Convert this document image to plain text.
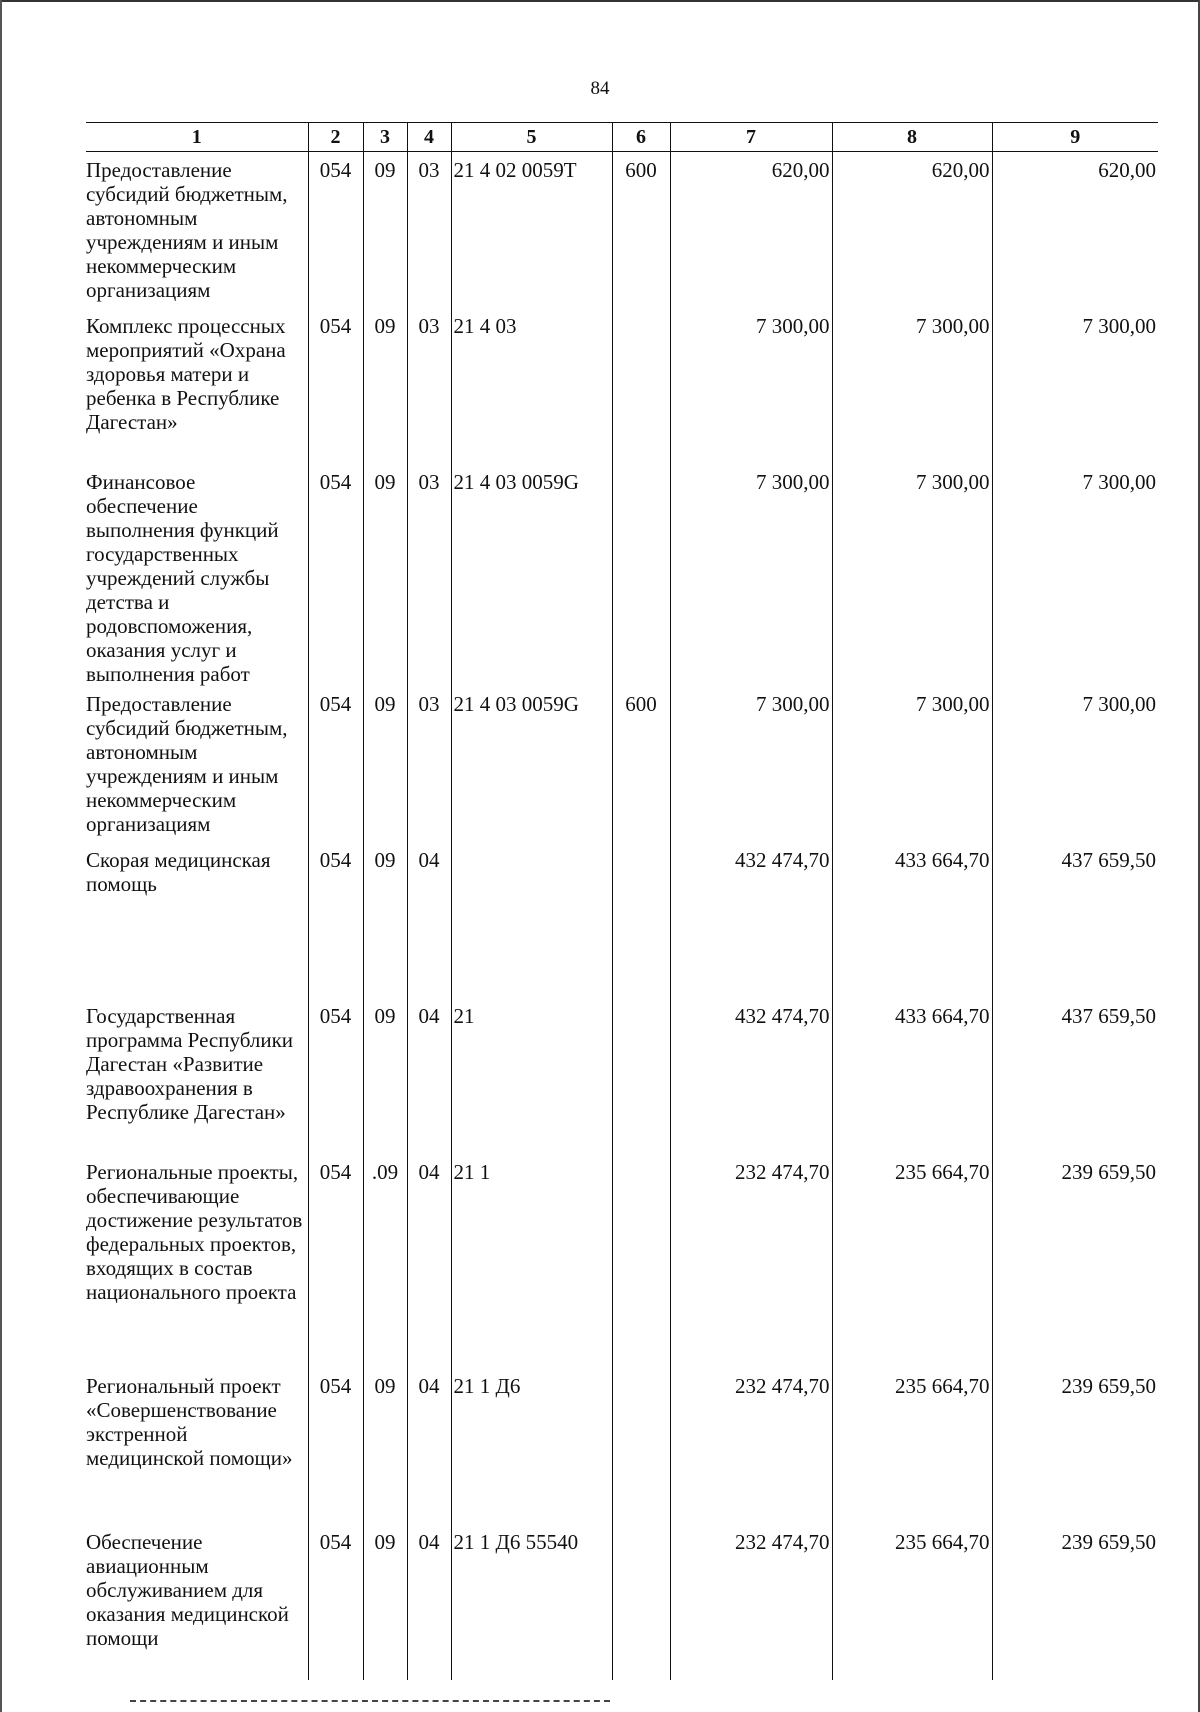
84
1	2	3	4	5	6	7	8	9
Предоставление субсидий бюджетным, автономным учреждениям и иным некоммерческим организациям	054	09	03	21 4 02 0059Т	600	620,00	620,00	620,00
Комплекс процессных мероприятий «Охрана здоровья матери и ребенка в Республике Дагестан»	054	09	03	21 4 03		7 300,00	7 300,00	7 300,00
Финансовое обеспечение выполнения функций государственных учреждений службы детства и родовспоможения, оказания услуг и выполнения работ	054	09	03	21 4 03 0059G		7 300,00	7 300,00	7 300,00
Предоставление субсидий бюджетным, автономным учреждениям и иным некоммерческим организациям	054	09	03	21 4 03 0059G	600	7 300,00	7 300,00	7 300,00
Скорая медицинская помощь	054	09	04			432 474,70	433 664,70	437 659,50
Государственная программа Республики Дагестан «Развитие здравоохранения в Республике Дагестан»	054	09	04	21		432 474,70	433 664,70	437 659,50
Региональные проекты, обеспечивающие достижение результатов федеральных проектов, входящих в состав национального проекта	054	.09	04	21 1		232 474,70	235 664,70	239 659,50
Региональный проект «Совершенствование экстренной медицинской помощи»	054	09	04	21 1 Д6		232 474,70	235 664,70	239 659,50
Обеспечение авиационным обслуживанием для оказания медицинской помощи	054	09	04	21 1 Д6 55540		232 474,70	235 664,70	239 659,50
